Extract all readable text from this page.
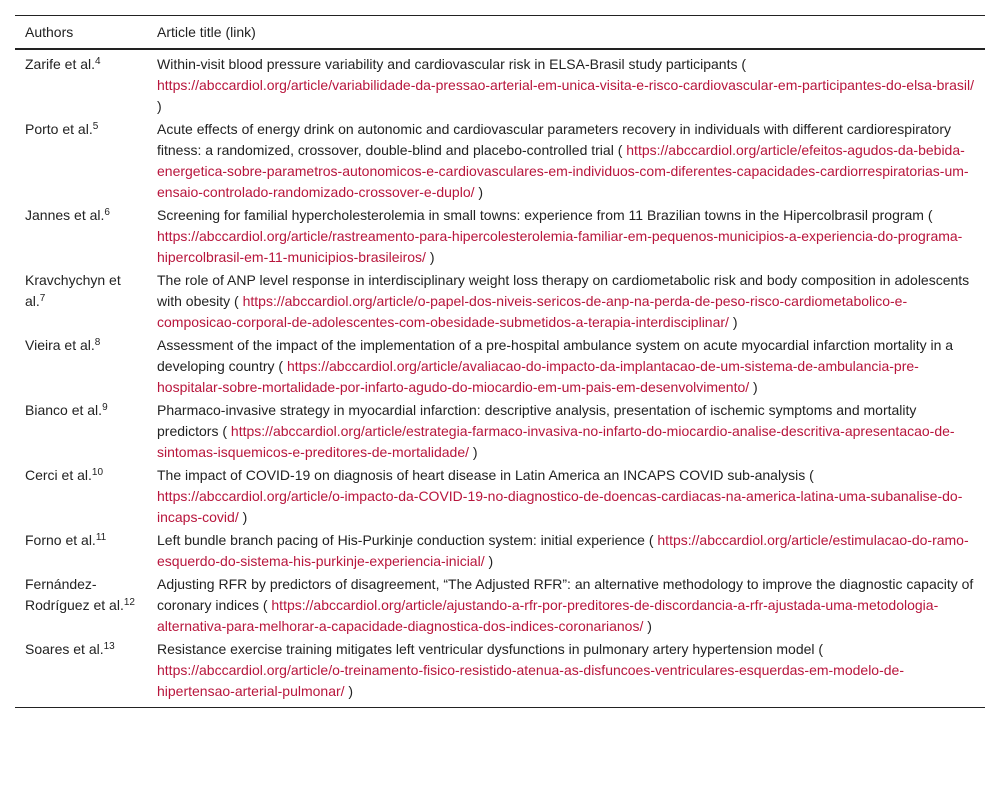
Authors	Article title (link)
Zarife et al.$^4$	Within-visit blood pressure variability and cardiovascular risk in ELSA-Brasil study participants ( https://abccardiol.org/article/variabilidade-da-pressao-arterial-em-unica-visita-e-risco-cardiovascular-em-participantes-do-elsa-brasil/ )
Porto et al.$^5$	Acute effects of energy drink on autonomic and cardiovascular parameters recovery in individuals with different cardiorespiratory fitness: a randomized, crossover, double-blind and placebo-controlled trial ( https://abccardiol.org/article/efeitos-agudos-da-bebida-energetica-sobre-parametros-autonomicos-e-cardiovasculares-em-individuos-com-diferentes-capacidades-cardiorrespiratorias-um-ensaio-controlado-randomizado-crossover-e-duplo/ )
Jannes et al.$^6$	Screening for familial hypercholesterolemia in small towns: experience from 11 Brazilian towns in the Hipercolbrasil program ( https://abccardiol.org/article/rastreamento-para-hipercolesterolemia-familiar-em-pequenos-municipios-a-experiencia-do-programa-hipercolbrasil-em-11-municipios-brasileiros/ )
Kravchychyn et al.$^7$	The role of ANP level response in interdisciplinary weight loss therapy on cardiometabolic risk and body composition in adolescents with obesity ( https://abccardiol.org/article/o-papel-dos-niveis-sericos-de-anp-na-perda-de-peso-risco-cardiometabolico-e-composicao-corporal-de-adolescentes-com-obesidade-submetidos-a-terapia-interdisciplinar/ )
Vieira et al.$^8$	Assessment of the impact of the implementation of a pre-hospital ambulance system on acute myocardial infarction mortality in a developing country ( https://abccardiol.org/article/avaliacao-do-impacto-da-implantacao-de-um-sistema-de-ambulancia-pre-hospitalar-sobre-mortalidade-por-infarto-agudo-do-miocardio-em-um-pais-em-desenvolvimento/ )
Bianco et al.$^9$	Pharmaco-invasive strategy in myocardial infarction: descriptive analysis, presentation of ischemic symptoms and mortality predictors ( https://abccardiol.org/article/estrategia-farmaco-invasiva-no-infarto-do-miocardio-analise-descritiva-apresentacao-de-sintomas-isquemicos-e-preditores-de-mortalidade/ )
Cerci et al.$^{10}$	The impact of COVID-19 on diagnosis of heart disease in Latin America an INCAPS COVID sub-analysis ( https://abccardiol.org/article/o-impacto-da-COVID-19-no-diagnostico-de-doencas-cardiacas-na-america-latina-uma-subanalise-do-incaps-covid/ )
Forno et al.$^{11}$	Left bundle branch pacing of His-Purkinje conduction system: initial experience ( https://abccardiol.org/article/estimulacao-do-ramo-esquerdo-do-sistema-his-purkinje-experiencia-inicial/ )
Fernández-Rodríguez et al.$^{12}$	Adjusting RFR by predictors of disagreement, “The Adjusted RFR”: an alternative methodology to improve the diagnostic capacity of coronary indices ( https://abccardiol.org/article/ajustando-a-rfr-por-preditores-de-discordancia-a-rfr-ajustada-uma-metodologia-alternativa-para-melhorar-a-capacidade-diagnostica-dos-indices-coronarianos/ )
Soares et al.$^{13}$	Resistance exercise training mitigates left ventricular dysfunctions in pulmonary artery hypertension model ( https://abccardiol.org/article/o-treinamento-fisico-resistido-atenua-as-disfuncoes-ventriculares-esquerdas-em-modelo-de-hipertensao-arterial-pulmonar/ )
